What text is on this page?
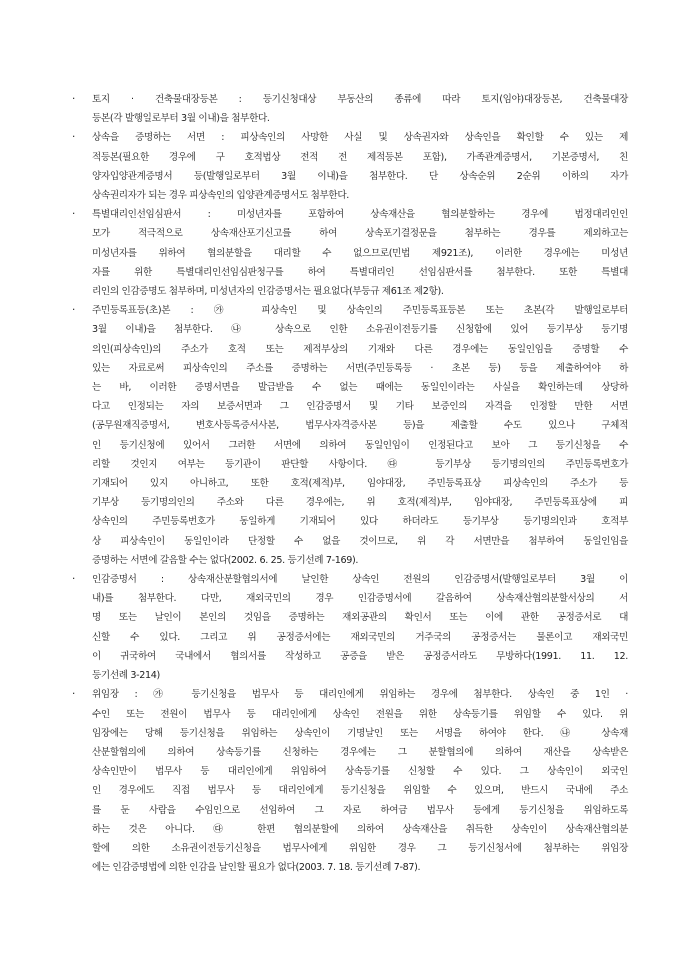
· 토지 · 건축물대장등본 : 등기신청대상 부동산의 종류에 따라 토지(임야)대장등본, 건축물대장
등본(각 발행일로부터 3월 이내)을 첨부한다.
· 상속을 증명하는 서면 : 피상속인의 사망한 사실 및 상속권자와 상속인을 확인할 수 있는 제
적등본(필요한 경우에 구 호적법상 전적 전 제적등본 포함), 가족관계증명서, 기본증명서, 친
양자입양관계증명서 등(발행일로부터 3월 이내)을 첨부한다. 단 상속순위 2순위 이하의 자가
상속권리자가 되는 경우 피상속인의 입양관계증명서도 첨부한다.
· 특별대리인선임심판서 : 미성년자를 포함하여 상속재산을 협의분할하는 경우에 법정대리인인
모가 적극적으로 상속재산포기신고를 하여 상속포기결정문을 첨부하는 경우를 제외하고는
미성년자를 위하여 협의분할을 대리할 수 없으므로(민법 제921조), 이러한 경우에는 미성년
자를 위한 특별대리인선임심판청구를 하여 특별대리인 선임심판서를 첨부한다. 또한 특별대
리인의 인감증명도 첨부하며, 미성년자의 인감증명서는 필요없다(부등규 제61조 제2항).
· 주민등록표등(초)본 : ㉮ 피상속인 및 상속인의 주민등록표등본 또는 초본(각 발행일로부터
3월 이내)을 첨부한다. ㉯ 상속으로 인한 소유권이전등기를 신청함에 있어 등기부상 등기명
의인(피상속인)의 주소가 호적 또는 제적부상의 기재와 다른 경우에는 동일인임을 증명할 수
있는 자료로써 피상속인의 주소를 증명하는 서면(주민등록등 · 초본 등) 등을 제출하여야 하
는 바, 이러한 증명서면을 발급받을 수 없는 때에는 동일인이라는 사실을 확인하는데 상당하
다고 인정되는 자의 보증서면과 그 인감증명서 및 기타 보증인의 자격을 인정할 만한 서면
(공무원재직증명서, 변호사등록증서사본, 법무사자격증사본 등)을 제출할 수도 있으나 구체적
인 등기신청에 있어서 그러한 서면에 의하여 동일인임이 인정된다고 보아 그 등기신청을 수
리할 것인지 여부는 등기관이 판단할 사항이다. ㉰ 등기부상 등기명의인의 주민등록번호가
기재되어 있지 아니하고, 또한 호적(제적)부, 임야대장, 주민등록표상 피상속인의 주소가 등
기부상 등기명의인의 주소와 다른 경우에는, 위 호적(제적)부, 임야대장, 주민등록표상에 피
상속인의 주민등록번호가 동일하게 기재되어 있다 하더라도 등기부상 등기명의인과 호적부
상 피상속인이 동일인이라 단정할 수 없을 것이므로, 위 각 서면만을 첨부하여 동일인임을
증명하는 서면에 갈음할 수는 없다(2002. 6. 25. 등기선례 7-169).
· 인감증명서 : 상속재산분할협의서에 날인한 상속인 전원의 인감증명서(발행일로부터 3월 이
내)를 첨부한다. 다만, 재외국민의 경우 인감증명서에 갈음하여 상속재산협의분할서상의 서
명 또는 날인이 본인의 것임을 증명하는 재외공관의 확인서 또는 이에 관한 공정증서로 대
신할 수 있다. 그리고 위 공정증서에는 재외국민의 거주국의 공정증서는 물론이고 재외국민
이 귀국하여 국내에서 협의서를 작성하고 공증을 받은 공정증서라도 무방하다(1991. 11. 12.
등기선례 3-214)
· 위임장 : ㉮ 등기신청을 법무사 등 대리인에게 위임하는 경우에 첨부한다. 상속인 중 1인 ·
수인 또는 전원이 법무사 등 대리인에게 상속인 전원을 위한 상속등기를 위임할 수 있다. 위
임장에는 당해 등기신청을 위임하는 상속인이 기명날인 또는 서명을 하여야 한다. ㉯ 상속재
산분할협의에 의하여 상속등기를 신청하는 경우에는 그 분할협의에 의하여 재산을 상속받은
상속인만이 법무사 등 대리인에게 위임하여 상속등기를 신청할 수 있다. 그 상속인이 외국인
인 경우에도 직접 법무사 등 대리인에게 등기신청을 위임할 수 있으며, 반드시 국내에 주소
를 둔 사람을 수임인으로 선임하여 그 자로 하여금 법무사 등에게 등기신청을 위임하도록
하는 것은 아니다. ㉰ 한편 협의분할에 의하여 상속재산을 취득한 상속인이 상속재산협의분
할에 의한 소유권이전등기신청을 법무사에게 위임한 경우 그 등기신청서에 첨부하는 위임장
에는 인감증명법에 의한 인감을 날인할 필요가 없다(2003. 7. 18. 등기선례 7-87).
